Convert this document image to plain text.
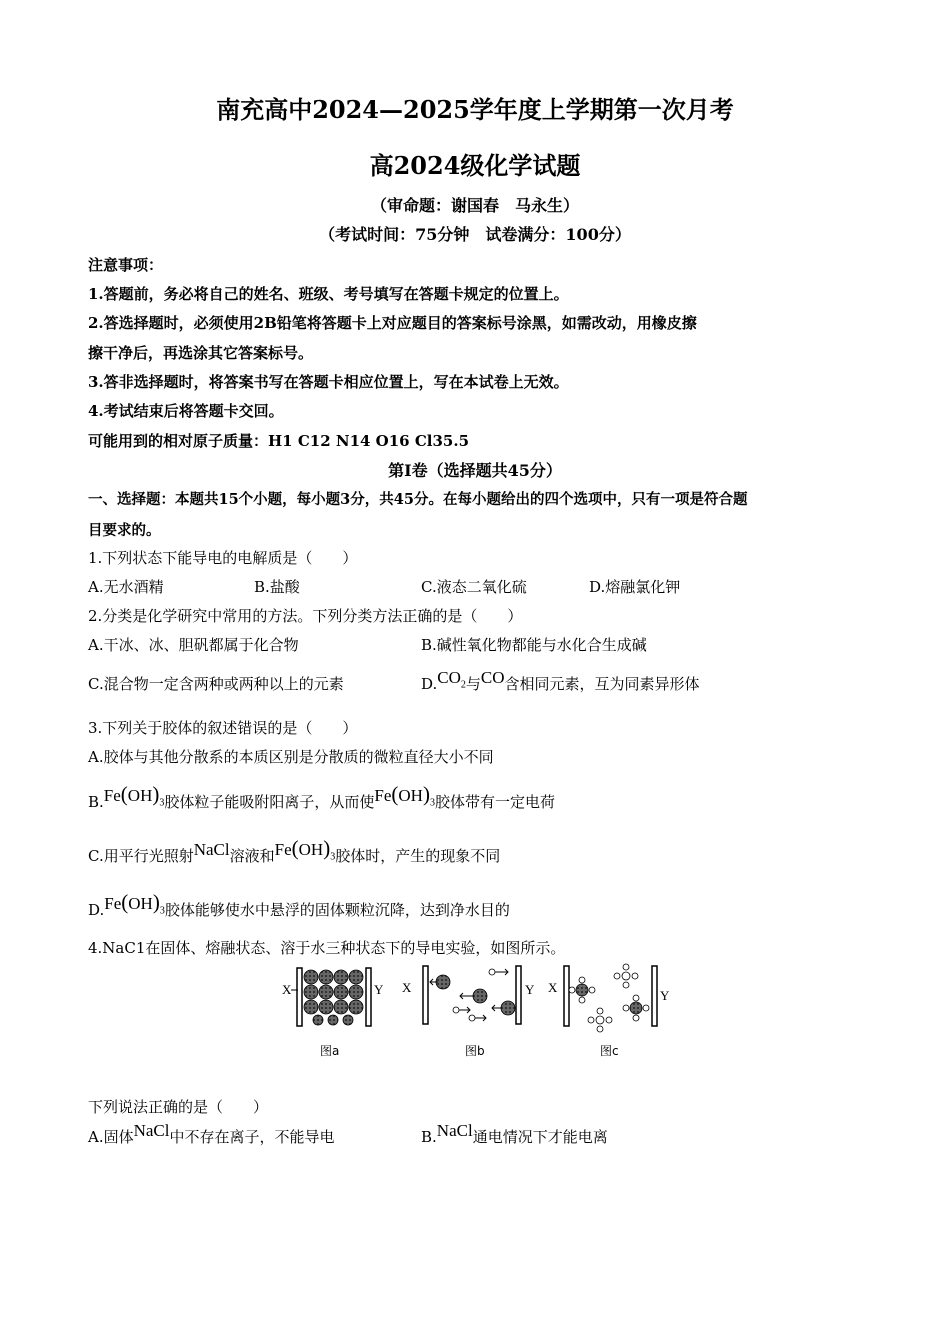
南充高中2024—2025学年度上学期第一次月考
高2024级化学试题
（审命题：谢国春　马永生）
（考试时间：75分钟　试卷满分：100分）
注意事项：
1.答题前，务必将自己的姓名、班级、考号填写在答题卡规定的位置上。
2.答选择题时，必须使用2B铅笔将答题卡上对应题目的答案标号涂黑，如需改动，用橡皮擦
擦干净后，再选涂其它答案标号。
3.答非选择题时，将答案书写在答题卡相应位置上，写在本试卷上无效。
4.考试结束后将答题卡交回。
可能用到的相对原子质量：H1 C12 N14 O16 Cl35.5
第I卷（选择题共45分）
一、选择题：本题共15个小题，每小题3分，共45分。在每小题给出的四个选项中，只有一项是符合题
目要求的。
1.下列状态下能导电的电解质是（　　）
A.无水酒精	B.盐酸	C.液态二氧化硫	D.熔融氯化钾
2.分类是化学研究中常用的方法。下列分类方法正确的是（　　）
A.干冰、冰、胆矾都属于化合物	B.碱性氧化物都能与水化合生成碱
C.混合物一定含两种或两种以上的元素	$D.CO_2$与CO含相同元素，互为同素异形体
3.下列关于胶体的叙述错误的是（　　）
A.胶体与其他分散系的本质区别是分散质的微粒直径大小不同
$B.Fe(OH)_3$胶体粒子能吸附阳离子，从而使$Fe(OH)_3$胶体带有一定电荷
C.用平行光照射NaCl溶液和$Fe(OH)_3$胶体时，产生的现象不同
$D.Fe(OH)_3$胶体能够使水中悬浮的固体颗粒沉降，达到净水目的
4.NaC1在固体、熔融状态、溶于水三种状态下的导电实验，如图所示。
X	Y
图a
X	Y
图b
X
Y
图c
下列说法正确的是（　　）
A.固体NaCl中不存在离子，不能导电	B.NaCl通电情况下才能电离
